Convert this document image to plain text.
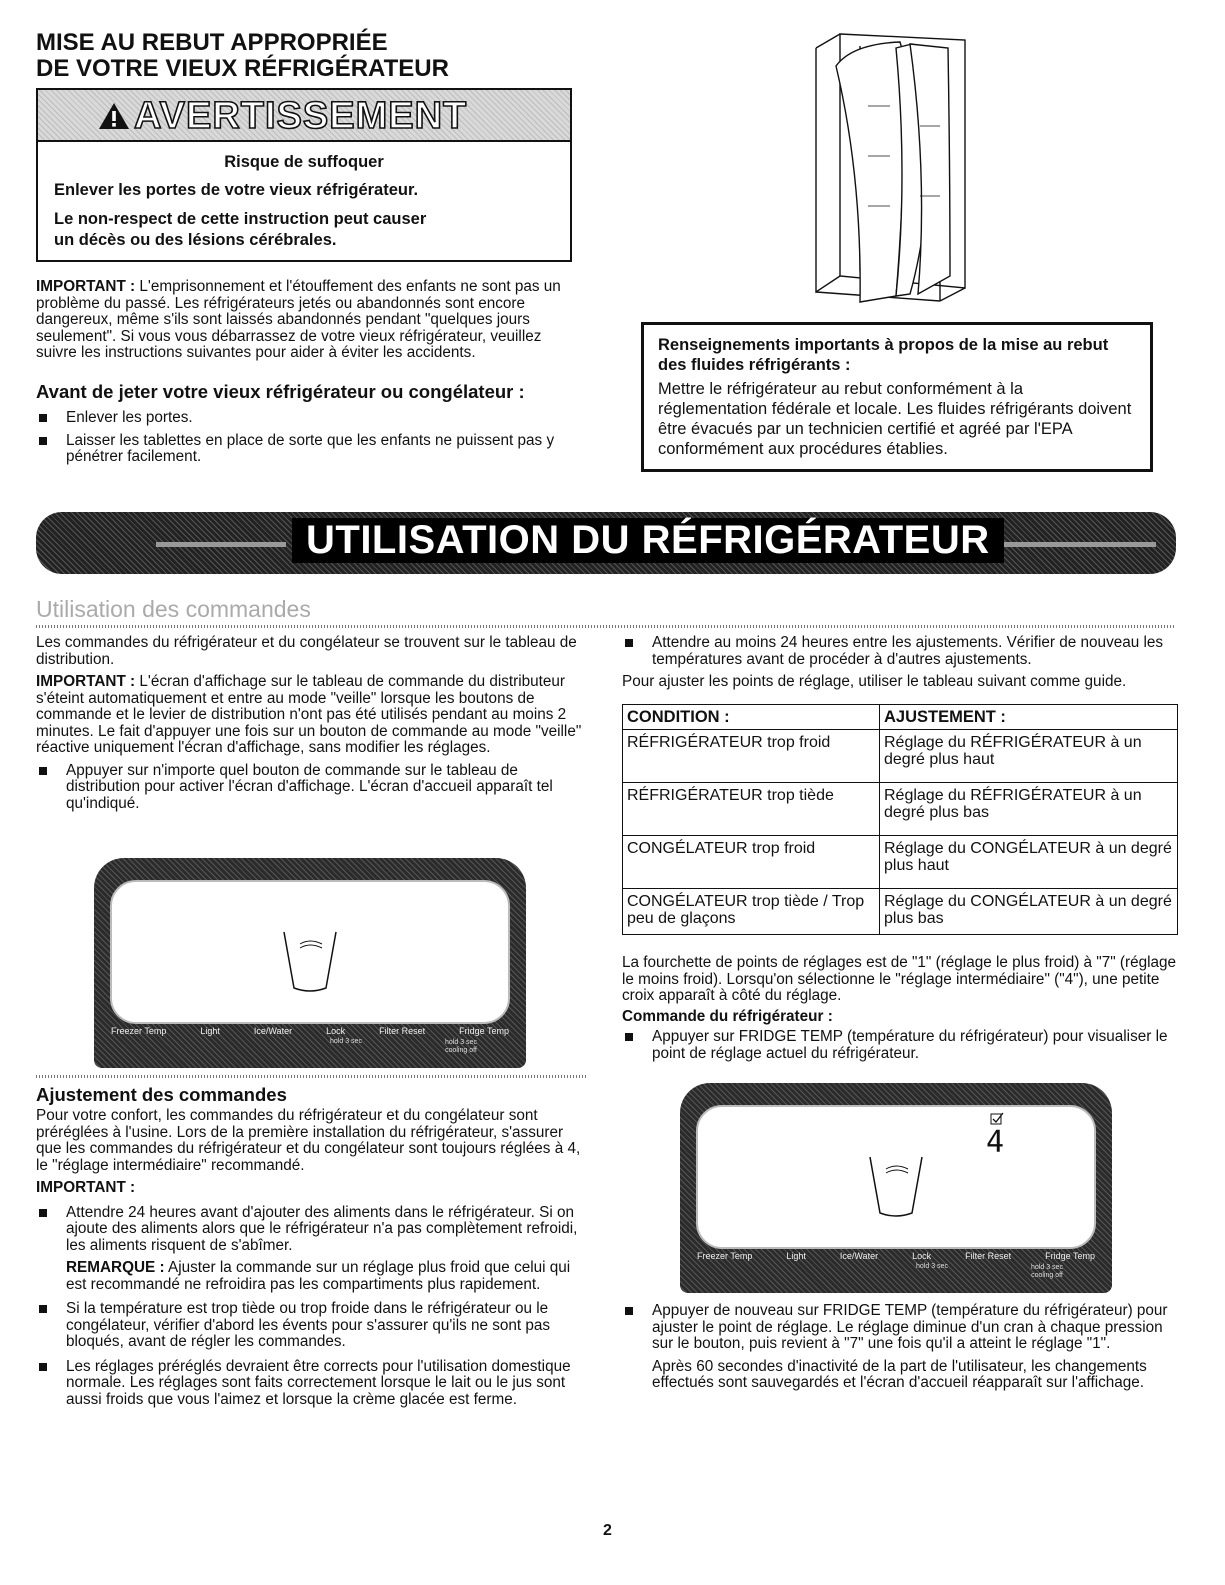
MISE AU REBUT APPROPRIÉE
DE VOTRE VIEUX RÉFRIGÉRATEUR
AVERTISSEMENT

Risque de suffoquer

Enlever les portes de votre vieux réfrigérateur.

Le non-respect de cette instruction peut causer

un décès ou des lésions cérébrales.

IMPORTANT : L'emprisonnement et l'étouffement des enfants ne sont pas un problème du passé. Les réfrigérateurs jetés ou abandonnés sont encore dangereux, même s'ils sont laissés abandonnés pendant "quelques jours seulement". Si vous vous débarrassez de votre vieux réfrigérateur, veuillez suivre les instructions suivantes pour aider à éviter les accidents.
Avant de jeter votre vieux réfrigérateur ou congélateur :

Enlever les portes.

Laisser les tablettes en place de sorte que les enfants ne puissent pas y pénétrer facilement.

Renseignements importants à propos de la mise au rebut des fluides réfrigérants :

Mettre le réfrigérateur au rebut conformément à la réglementation fédérale et locale. Les fluides réfrigérants doivent être évacués par un technicien certifié et agréé par l'EPA conformément aux procédures établies.

UTILISATION DU RÉFRIGÉRATEUR
Utilisation des commandes

Les commandes du réfrigérateur et du congélateur se trouvent sur le tableau de distribution.

IMPORTANT : L'écran d'affichage sur le tableau de commande du distributeur s'éteint automatiquement et entre au mode "veille" lorsque les boutons de commande et le levier de distribution n'ont pas été utilisés pendant au moins 2 minutes. Le fait d'appuyer une fois sur un bouton de commande au mode "veille" réactive uniquement l'écran d'affichage, sans modifier les réglages.

Appuyer sur n'importe quel bouton de commande sur le tableau de distribution pour activer l'écran d'affichage. L'écran d'accueil apparaît tel qu'indiqué.

Freezer Temp	Light	Ice/Water	Lock	Filter Reset	Fridge Temp
hold 3 sec	hold 3 sec
cooling off
Ajustement des commandes

Pour votre confort, les commandes du réfrigérateur et du congélateur sont préréglées à l'usine. Lors de la première installation du réfrigérateur, s'assurer que les commandes du réfrigérateur et du congélateur sont toujours réglées à 4, le "réglage intermédiaire" recommandé.

IMPORTANT :

Attendre 24 heures avant d'ajouter des aliments dans le réfrigérateur. Si on ajoute des aliments alors que le réfrigérateur n'a pas complètement refroidi, les aliments risquent de s'abîmer.

REMARQUE : Ajuster la commande sur un réglage plus froid que celui qui est recommandé ne refroidira pas les compartiments plus rapidement.

Si la température est trop tiède ou trop froide dans le réfrigérateur ou le congélateur, vérifier d'abord les évents pour s'assurer qu'ils ne sont pas bloqués, avant de régler les commandes.

Les réglages préréglés devraient être corrects pour l'utilisation domestique normale. Les réglages sont faits correctement lorsque le lait ou le jus sont aussi froids que vous l'aimez et lorsque la crème glacée est ferme.

Attendre au moins 24 heures entre les ajustements. Vérifier de nouveau les températures avant de procéder à d'autres ajustements.

Pour ajuster les points de réglage, utiliser le tableau suivant comme guide.

CONDITION :	AJUSTEMENT :
RÉFRIGÉRATEUR trop froid	Réglage du RÉFRIGÉRATEUR à un degré plus haut
RÉFRIGÉRATEUR trop tiède	Réglage du RÉFRIGÉRATEUR à un degré plus bas
CONGÉLATEUR trop froid	Réglage du CONGÉLATEUR à un degré plus haut
CONGÉLATEUR trop tiède / Trop peu de glaçons	Réglage du CONGÉLATEUR à un degré plus bas

La fourchette de points de réglages est de "1" (réglage le plus froid) à "7" (réglage le moins froid). Lorsqu'on sélectionne le "réglage intermédiaire" ("4"), une petite croix apparaît à côté du réglage.

Commande du réfrigérateur :

Appuyer sur FRIDGE TEMP (température du réfrigérateur) pour visualiser le point de réglage actuel du réfrigérateur.

4
Freezer Temp	Light	Ice/Water	Lock	Filter Reset	Fridge Temp
hold 3 sec	hold 3 sec
cooling off

Appuyer de nouveau sur FRIDGE TEMP (température du réfrigérateur) pour ajuster le point de réglage. Le réglage diminue d'un cran à chaque pression sur le bouton, puis revient à "7" une fois qu'il a atteint le réglage "1".

Après 60 secondes d'inactivité de la part de l'utilisateur, les changements effectués sont sauvegardés et l'écran d'accueil réapparaît sur l'affichage.

2
